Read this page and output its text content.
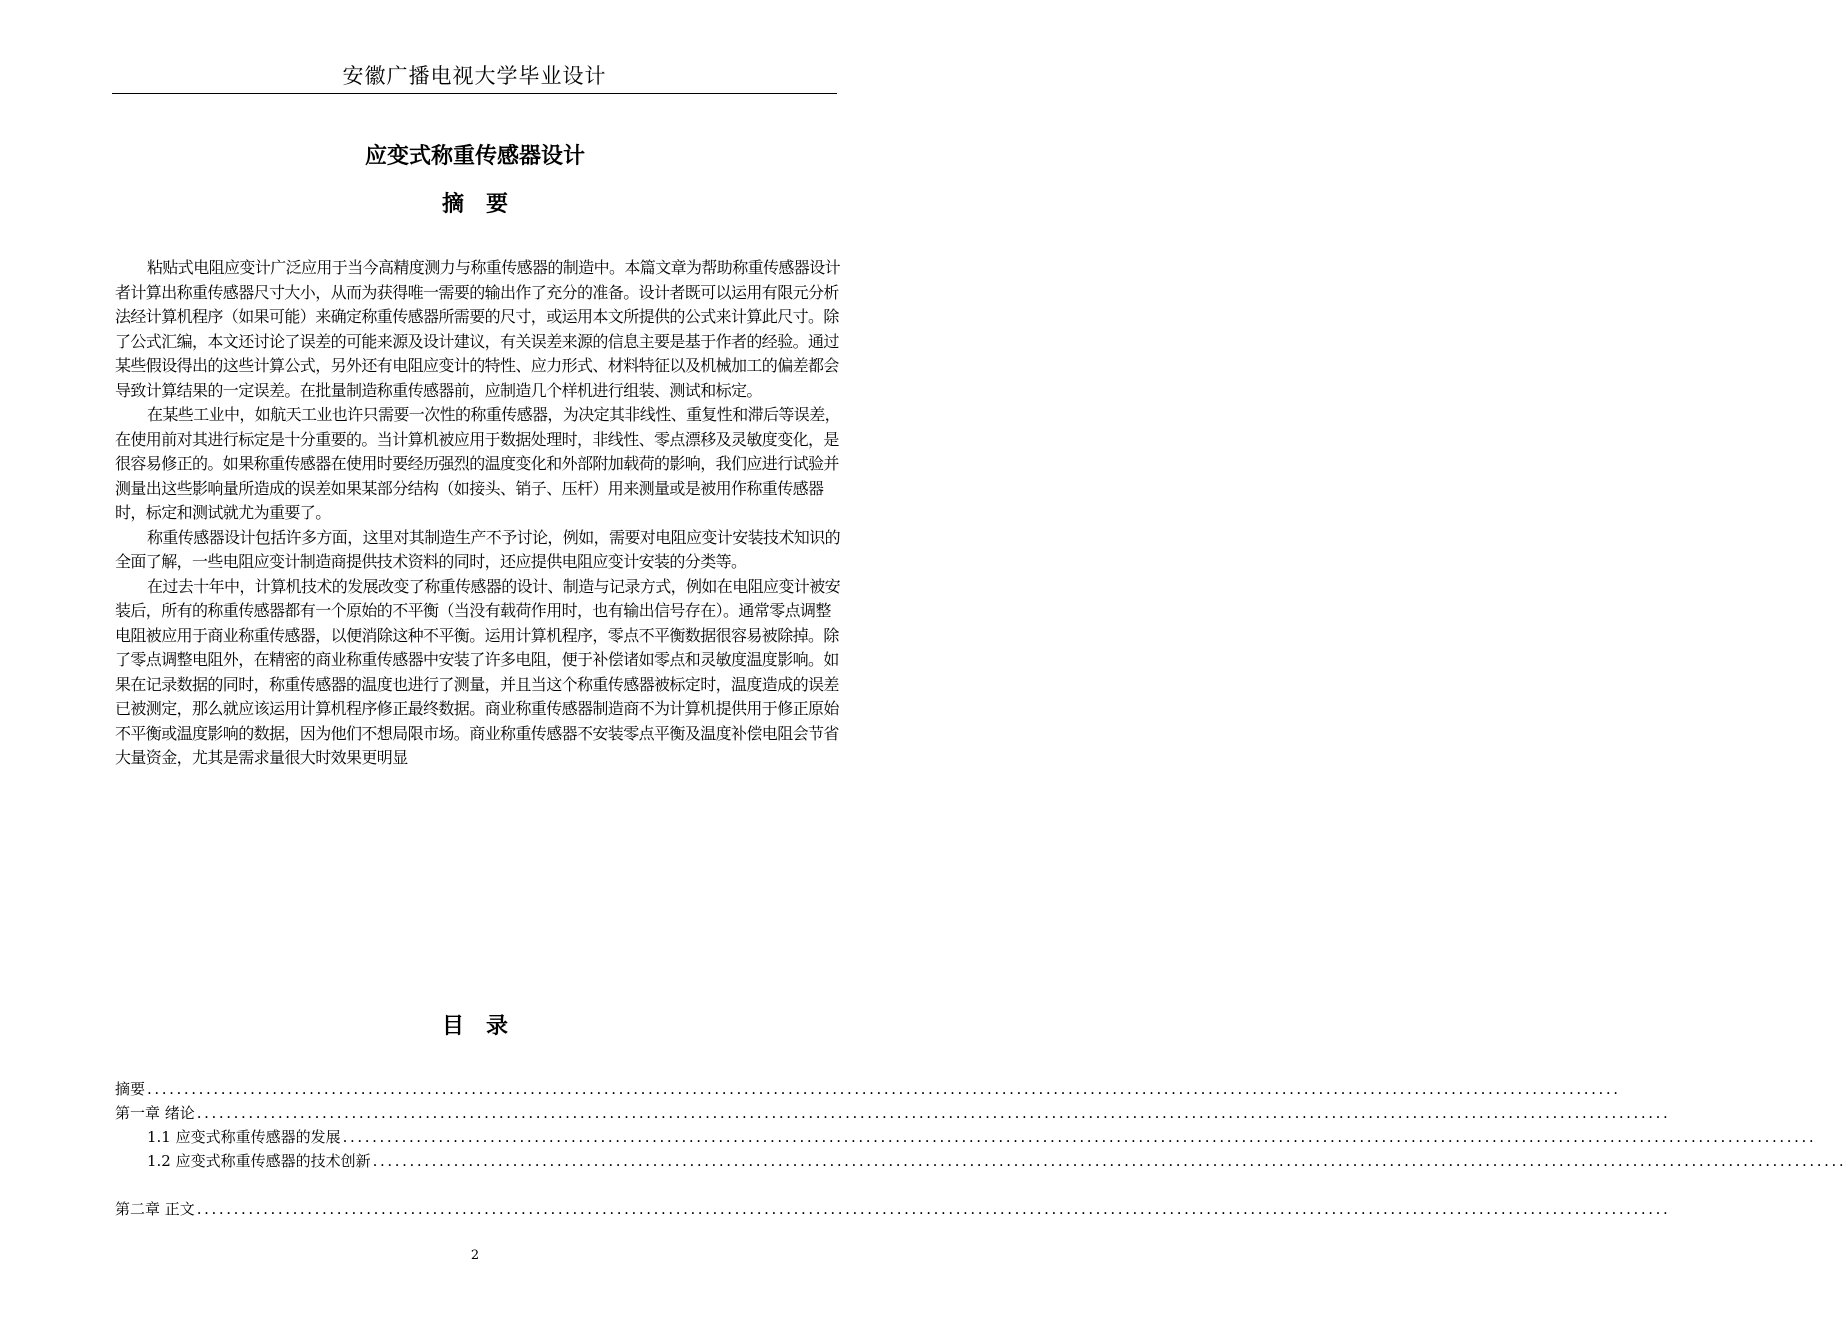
安徽广播电视大学毕业设计
应变式称重传感器设计
摘　要

粘贴式电阻应变计广泛应用于当今高精度测力与称重传感器的制造中。本篇文章为帮助称重传感器设计者计算出称重传感器尺寸大小，从而为获得唯一需要的输出作了充分的准备。设计者既可以运用有限元分析法经计算机程序（如果可能）来确定称重传感器所需要的尺寸，或运用本文所提供的公式来计算此尺寸。除了公式汇编，本文还讨论了误差的可能来源及设计建议，有关误差来源的信息主要是基于作者的经验。通过某些假设得出的这些计算公式，另外还有电阻应变计的特性、应力形式、材料特征以及机械加工的偏差都会导致计算结果的一定误差。在批量制造称重传感器前，应制造几个样机进行组装、测试和标定。

在某些工业中，如航天工业也许只需要一次性的称重传感器，为决定其非线性、重复性和滞后等误差，在使用前对其进行标定是十分重要的。当计算机被应用于数据处理时，非线性、零点漂移及灵敏度变化，是很容易修正的。如果称重传感器在使用时要经历强烈的温度变化和外部附加载荷的影响，我们应进行试验并测量出这些影响量所造成的误差如果某部分结构（如接头、销子、压杆）用来测量或是被用作称重传感器时，标定和测试就尤为重要了。

称重传感器设计包括许多方面，这里对其制造生产不予讨论，例如，需要对电阻应变计安装技术知识的全面了解，一些电阻应变计制造商提供技术资料的同时，还应提供电阻应变计安装的分类等。

在过去十年中，计算机技术的发展改变了称重传感器的设计、制造与记录方式，例如在电阻应变计被安装后，所有的称重传感器都有一个原始的不平衡（当没有载荷作用时，也有输出信号存在）。通常零点调整电阻被应用于商业称重传感器，以便消除这种不平衡。运用计算机程序，零点不平衡数据很容易被除掉。除了零点调整电阻外，在精密的商业称重传感器中安装了许多电阻，便于补偿诸如零点和灵敏度温度影响。如果在记录数据的同时，称重传感器的温度也进行了测量，并且当这个称重传感器被标定时，温度造成的误差已被测定，那么就应该运用计算机程序修正最终数据。商业称重传感器制造商不为计算机提供用于修正原始不平衡或温度影响的数据，因为他们不想局限市场。商业称重传感器不安装零点平衡及温度补偿电阻会节省大量资金，尤其是需求量很大时效果更明显

目　录
摘要 ........................................................................................................................................................................................................
第一章 绪论 ........................................................................................................................................................................................................
1.1 应变式称重传感器的发展 ........................................................................................................................................................................................................
1.2 应变式称重传感器的技术创新 ........................................................................................................................................................................................................
第二章 正文 ........................................................................................................................................................................................................
2
